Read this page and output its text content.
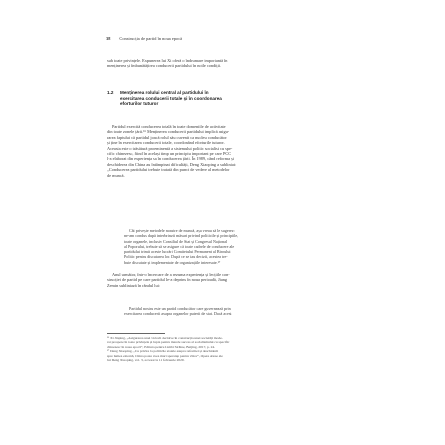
38 Construcția de partid în noua epocă

sub toate privințele. Expunerea lui Xi oferă o îndrumare importantă în

menținerea și îmbunătățirea conducerii partidului în noile condiții.

1.2 Menținerea rolului central al partidului în
exercitarea conducerii totale și în coordonarea
eforturilor tuturor

Partidul exercită conducerea totală în toate domeniile de activitate

din toate zonele țării.¹⁶ Menținerea conducerii partidului implică asigu-

rarea faptului că partidul joacă rolul său cuvenit ca nucleu conducător

și ține în exercitarea conducerii totale, coordonând eforturile tuturor.

Aceasta este o trăsătură proeminentă a sistemului politic socialist cu spe-

cific chinezesc, fiind în același timp un principiu important pe care PCC

l-a elaborat din experiența sa în conducerea țării. În 1989, când reforma și

deschiderea din China au întâmpinat dificultăți, Deng Xiaoping a subliniat:

„Conducerea partidului trebuie tratată din punct de vedere al metodelor

de muncă.

Cât privește metodele noastre de muncă, așa vreau să le sugerez:

ne-am condus după interbrinzii măsuri privind politicile și principiile,

toate organele, inclusiv Consiliul de Stat și Congresul Național

al Poporului, trebuie să se asigure că toate cadrele de conducere ale

partidului trimit aceste lucrări Comitetului Permanent al Biroului

Politic pentru discutarea lor. După ce se iau decizii, acestea tre-

buie discutate și implementate de organizațiile interesate.¹⁷

Anul următor, într-o încercare de a rezuma experiența și lecțiile con-

strucției de partid pe care partidul le-a deprins în noua perioadă, Jiang

Zemin subliniază în rândul lui:

Partidul nostru este un partid conducător care guvernează prin

exercitarea conducerii asupra organelor puterii de stat. Dacă acest

¹⁶ Xi Jinping, „Asigurarea unei victorii decisive în construcția unei societăți mode-

rat prospere în toate privințele și lupta pentru marele succes al socialismului cu specific

chinezesc în noua epocă”, Editura pentru Limbi Străine, Beijing, 2017, p. 24.

¹⁷ Deng Xiaoping, „Cu privire la politicile statale asupra reformei și deschiderii

spre lumea externă, China poate avea mari speranțe pentru viitor”, Opere Alese ale

lui Deng Xiaoping, vol. 3, accesat la 11 februarie 2020.
